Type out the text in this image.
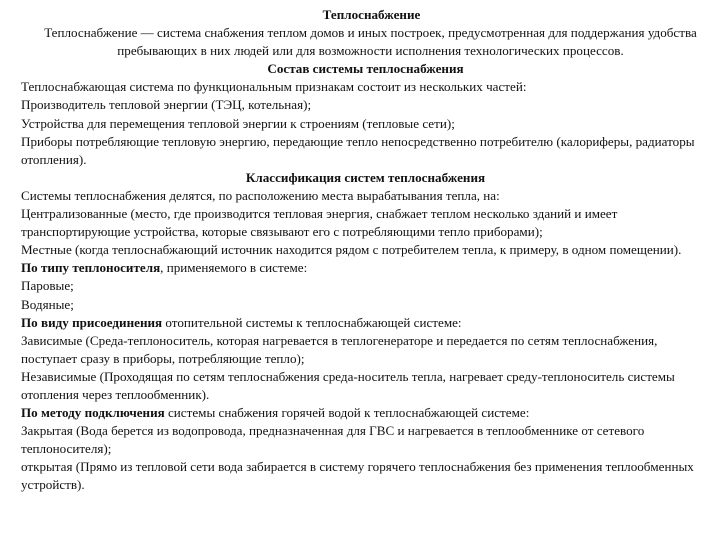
Теплоснабжение

Теплоснабжение — система снабжения теплом домов и иных построек, предусмотренная для поддержания удобства пребывающих в них людей или для возможности исполнения технологических процессов.

Состав системы теплоснабжения

Теплоснабжающая система по функциональным признакам состоит из нескольких частей:

Производитель тепловой энергии (ТЭЦ, котельная);

Устройства для перемещения тепловой энергии к строениям (тепловые сети);

Приборы потребляющие тепловую энергию, передающие тепло непосредственно потребителю (калориферы, радиаторы отопления).

Классификация систем теплоснабжения

Системы теплоснабжения делятся, по расположению места вырабатывания тепла, на:

Централизованные (место, где производится тепловая энергия, снабжает теплом несколько зданий и имеет транспортирующие устройства, которые связывают его с потребляющими тепло приборами);

Местные (когда теплоснабжающий источник находится рядом с потребителем тепла, к примеру, в одном помещении).

По типу теплоносителя, применяемого в системе:

Паровые;

Водяные;

По виду присоединения отопительной системы к теплоснабжающей системе:

Зависимые (Среда-теплоноситель, которая нагревается в теплогенераторе и передается по сетям теплоснабжения, поступает сразу в приборы, потребляющие тепло);

Независимые (Проходящая по сетям теплоснабжения среда-носитель тепла, нагревает среду-теплоноситель системы отопления через теплообменник).

По методу подключения системы снабжения горячей водой к теплоснабжающей системе:

Закрытая (Вода берется из водопровода, предназначенная для ГВС и нагревается в теплообменнике от сетевого теплоносителя);

открытая (Прямо из тепловой сети вода забирается в систему горячего теплоснабжения без применения теплообменных устройств).
